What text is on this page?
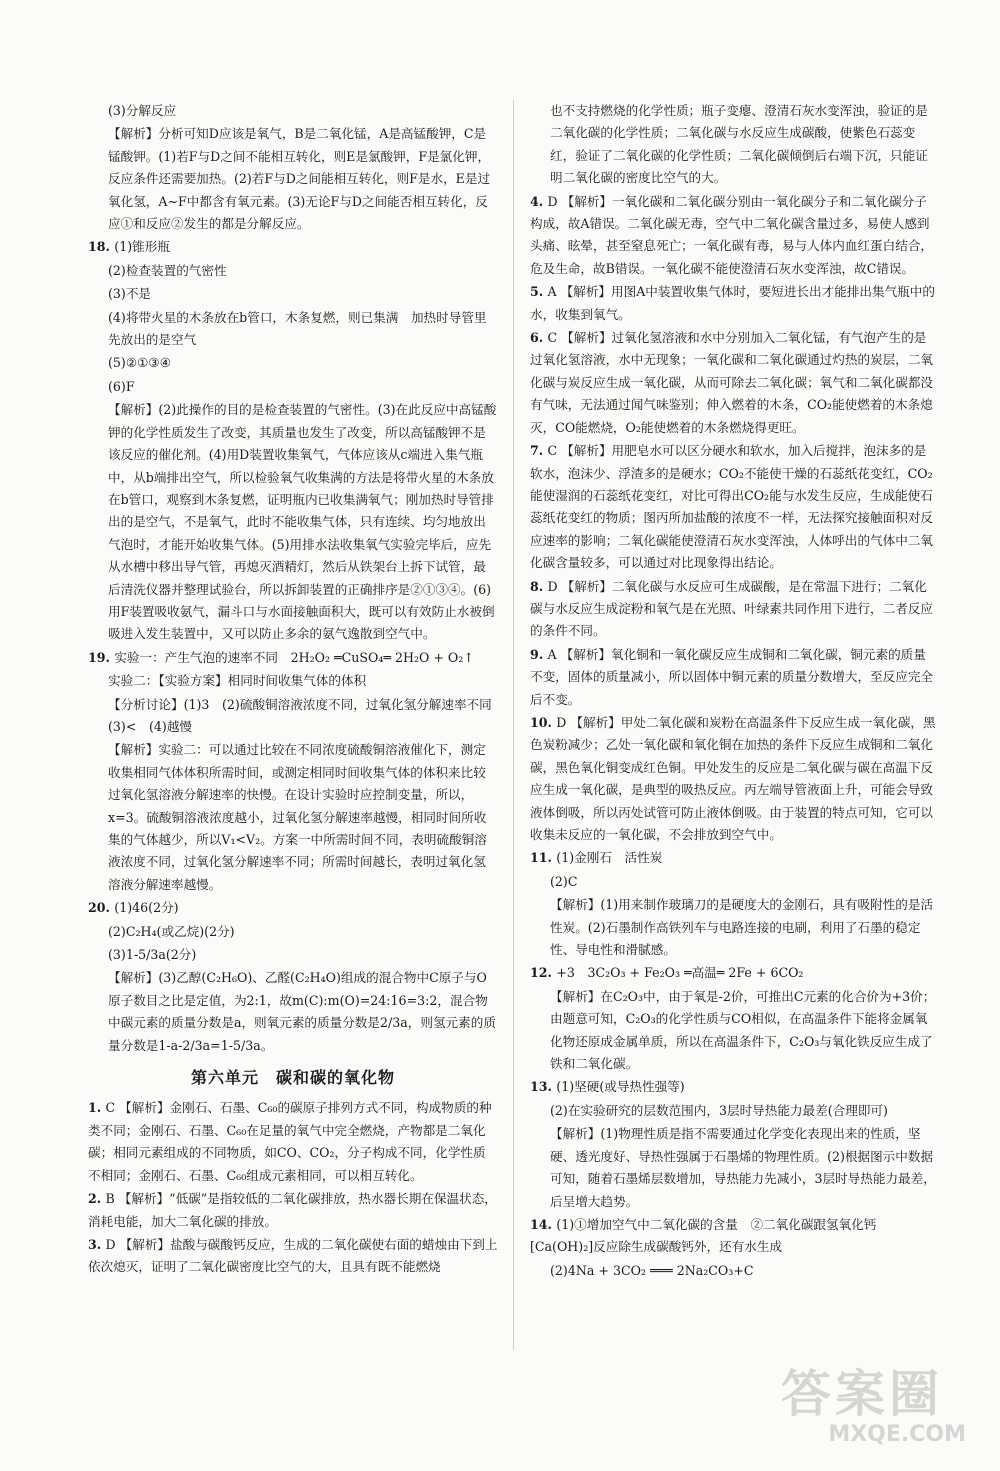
(3)分解反应

【解析】分析可知D应该是氧气，B是二氧化锰，A是高锰酸钾，C是锰酸钾。(1)若F与D之间不能相互转化，则E是氯酸钾，F是氯化钾，反应条件还需要加热。(2)若F与D之间能相互转化，则F是水，E是过氧化氢，A~F中都含有氧元素。(3)无论F与D之间能否相互转化，反应①和反应②发生的都是分解反应。

18. (1)锥形瓶

(2)检查装置的气密性

(3)不是

(4)将带火星的木条放在b管口，木条复燃，则已集满　加热时导管里先放出的是空气

(5)②①③④

(6)F

【解析】(2)此操作的目的是检查装置的气密性。(3)在此反应中高锰酸钾的化学性质发生了改变，其质量也发生了改变，所以高锰酸钾不是该反应的催化剂。(4)用D装置收集氧气，气体应该从c端进入集气瓶中，从b端排出空气，所以检验氧气收集满的方法是将带火星的木条放在b管口，观察到木条复燃，证明瓶内已收集满氧气；刚加热时导管排出的是空气，不是氧气，此时不能收集气体，只有连续、均匀地放出气泡时，才能开始收集气体。(5)用排水法收集氧气实验完毕后，应先从水槽中移出导气管，再熄灭酒精灯，然后从铁架台上拆下试管，最后清洗仪器并整理试验台，所以拆卸装置的正确排序是②①③④。(6)用F装置吸收氨气，漏斗口与水面接触面积大，既可以有效防止水被倒吸进入发生装置中，又可以防止多余的氨气逸散到空气中。

19. 实验一：产生气泡的速率不同　2H₂O₂ ═CuSO₄═ 2H₂O + O₂↑

实验二：【实验方案】相同时间收集气体的体积

【分析讨论】(1)3　(2)硫酸铜溶液浓度不同，过氧化氢分解速率不同　(3)<　(4)越慢

【解析】实验二：可以通过比较在不同浓度硫酸铜溶液催化下，测定收集相同气体体积所需时间，或测定相同时间收集气体的体积来比较过氧化氢溶液分解速率的快慢。在设计实验时应控制变量，所以，x=3。硫酸铜溶液浓度越小，过氧化氢分解速率越慢，相同时间所收集的气体越少，所以V₁<V₂。方案一中所需时间不同，表明硫酸铜溶液浓度不同，过氧化氢分解速率不同；所需时间越长，表明过氧化氢溶液分解速率越慢。

20. (1)46(2分)

(2)C₂H₄(或乙烷)(2分)

(3)1-5/3a(2分)

【解析】(3)乙醇(C₂H₆O)、乙醛(C₂H₄O)组成的混合物中C原子与O原子数目之比是定值，为2:1，故m(C):m(O)=24:16=3:2，混合物中碳元素的质量分数是a，则氧元素的质量分数是2/3a，则氢元素的质量分数是1-a-2/3a=1-5/3a。

第六单元　碳和碳的氧化物

1. C 【解析】金刚石、石墨、C₆₀的碳原子排列方式不同，构成物质的种类不同；金刚石、石墨、C₆₀在足量的氧气中完全燃烧，产物都是二氧化碳；相同元素组成的不同物质，如CO、CO₂，分子构成不同，化学性质不相同；金刚石、石墨、C₆₀组成元素相同，可以相互转化。

2. B 【解析】“低碳”是指较低的二氧化碳排放，热水器长期在保温状态，消耗电能，加大二氧化碳的排放。

3. D 【解析】盐酸与碳酸钙反应，生成的二氧化碳使右面的蜡烛由下到上依次熄灭，证明了二氧化碳密度比空气的大，且具有既不能燃烧

也不支持燃烧的化学性质；瓶子变瘪、澄清石灰水变浑浊，验证的是二氧化碳的化学性质；二氧化碳与水反应生成碳酸，使紫色石蕊变红，验证了二氧化碳的化学性质；二氧化碳倾倒后右端下沉，只能证明二氧化碳的密度比空气的大。

4. D 【解析】一氧化碳和二氧化碳分别由一氧化碳分子和二氧化碳分子构成，故A错误。二氧化碳无毒，空气中二氧化碳含量过多，易使人感到头痛、眩晕，甚至窒息死亡；一氧化碳有毒，易与人体内血红蛋白结合，危及生命，故B错误。一氧化碳不能使澄清石灰水变浑浊，故C错误。

5. A 【解析】用图A中装置收集气体时，要短进长出才能排出集气瓶中的水，收集到氧气。

6. C 【解析】过氧化氢溶液和水中分别加入二氧化锰，有气泡产生的是过氧化氢溶液，水中无现象；一氧化碳和二氧化碳通过灼热的炭层，二氧化碳与炭反应生成一氧化碳，从而可除去二氧化碳；氧气和二氧化碳都没有气味，无法通过闻气味鉴别；伸入燃着的木条，CO₂能使燃着的木条熄灭，CO能燃烧，O₂能使燃着的木条燃烧得更旺。

7. C 【解析】用肥皂水可以区分硬水和软水，加入后搅拌，泡沫多的是软水，泡沫少、浮渣多的是硬水；CO₂不能使干燥的石蕊纸花变红，CO₂能使湿润的石蕊纸花变红，对比可得出CO₂能与水发生反应，生成能使石蕊纸花变红的物质；图丙所加盐酸的浓度不一样，无法探究接触面积对反应速率的影响；二氧化碳能使澄清石灰水变浑浊，人体呼出的气体中二氧化碳含量较多，可以通过对比现象得出结论。

8. D 【解析】二氧化碳与水反应可生成碳酸，是在常温下进行；二氧化碳与水反应生成淀粉和氧气是在光照、叶绿素共同作用下进行，二者反应的条件不同。

9. A 【解析】氧化铜和一氧化碳反应生成铜和二氧化碳，铜元素的质量不变，固体的质量减小，所以固体中铜元素的质量分数增大，至反应完全后不变。

10. D 【解析】甲处二氧化碳和炭粉在高温条件下反应生成一氧化碳，黑色炭粉减少；乙处一氧化碳和氧化铜在加热的条件下反应生成铜和二氧化碳，黑色氧化铜变成红色铜。甲处发生的反应是二氧化碳与碳在高温下反应生成一氧化碳，是典型的吸热反应。丙左端导管液面上升，可能会导致液体倒吸，所以丙处试管可防止液体倒吸。由于装置的特点可知，它可以收集未反应的一氧化碳，不会排放到空气中。

11. (1)金刚石　活性炭

(2)C

【解析】(1)用来制作玻璃刀的是硬度大的金刚石，具有吸附性的是活性炭。(2)石墨制作高铁列车与电路连接的电刷，利用了石墨的稳定性、导电性和滑腻感。

12. +3　3C₂O₃ + Fe₂O₃ ═高温═ 2Fe + 6CO₂

【解析】在C₂O₃中，由于氧是-2价，可推出C元素的化合价为+3价；由题意可知，C₂O₃的化学性质与CO相似，在高温条件下能将金属氧化物还原成金属单质，所以在高温条件下，C₂O₃与氧化铁反应生成了铁和二氧化碳。

13. (1)坚硬(或导热性强等)

(2)在实验研究的层数范围内，3层时导热能力最差(合理即可)

【解析】(1)物理性质是指不需要通过化学变化表现出来的性质，坚硬、透光度好、导热性强属于石墨烯的物理性质。(2)根据图示中数据可知，随着石墨烯层数增加，导热能力先减小，3层时导热能力最差，后呈增大趋势。

14. (1)①增加空气中二氧化碳的含量　②二氧化碳跟氢氧化钙[Ca(OH)₂]反应除生成碳酸钙外，还有水生成

(2)4Na + 3CO₂ ═══ 2Na₂CO₃+C

答案圈
MXQE.COM
